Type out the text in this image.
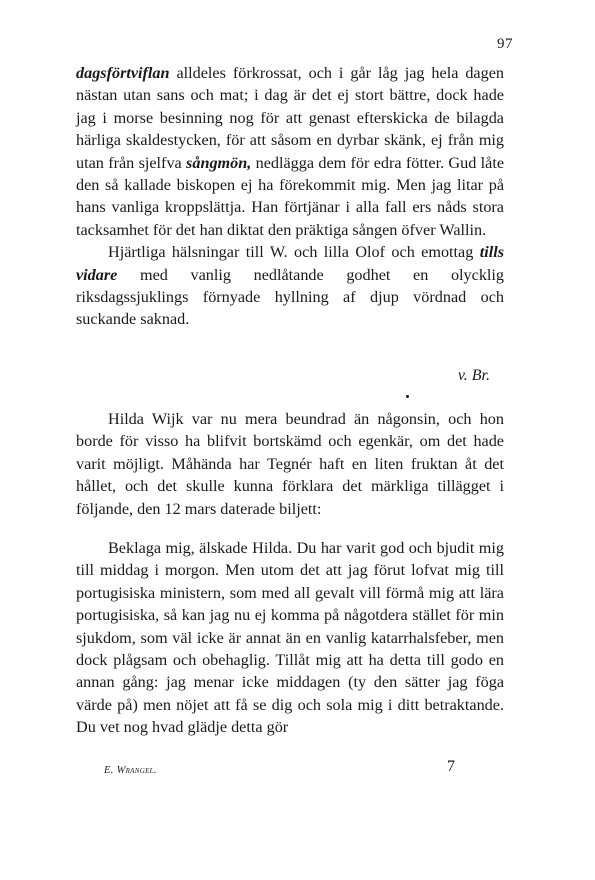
97

dagsförtviflan alldeles förkrossat, och i går låg jag hela dagen nästan utan sans och mat; i dag är det ej stort bättre, dock hade jag i morse besinning nog för att genast efterskicka de bilagda härliga skaldestycken, för att såsom en dyrbar skänk, ej från mig utan från sjelfva sångmön, nedlägga dem för edra fötter. Gud låte den så kallade biskopen ej ha förekommit mig. Men jag litar på hans vanliga kroppslättja. Han förtjänar i alla fall ers nåds stora tacksamhet för det han diktat den präktiga sången öfver Wallin.

Hjärtliga hälsningar till W. och lilla Olof och emottag tills vidare med vanlig nedlåtande godhet en olycklig riksdagssjuklings förnyade hyllning af djup vördnad och suckande saknad.

v. Br.

Hilda Wijk var nu mera beundrad än någonsin, och hon borde för visso ha blifvit bortskämd och egenkär, om det hade varit möjligt. Måhända har Tegnér haft en liten fruktan åt det hållet, och det skulle kunna förklara det märkliga tillägget i följande, den 12 mars daterade biljett:

Beklaga mig, älskade Hilda. Du har varit god och bjudit mig till middag i morgon. Men utom det att jag förut lofvat mig till portugisiska ministern, som med all gevalt vill förmå mig att lära portugisiska, så kan jag nu ej komma på någotdera stället för min sjukdom, som väl icke är annat än en vanlig katarrhalsfeber, men dock plågsam och obehaglig. Tillåt mig att ha detta till godo en annan gång: jag menar icke middagen (ty den sätter jag föga värde på) men nöjet att få se dig och sola mig i ditt betraktande. Du vet nog hvad glädje detta gör

E. Wrangel.	7
